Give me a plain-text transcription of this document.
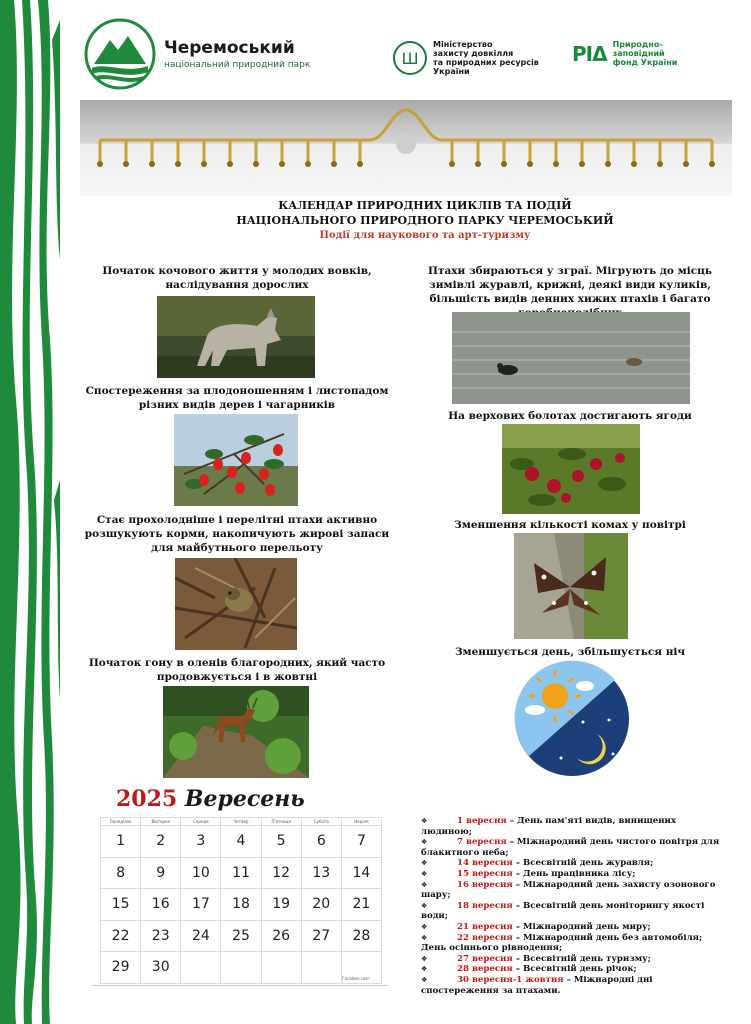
Черемоський
національний природний парк	Ш
Міністерство
захисту довкілля
та природних ресурсів
України
PIΔ Природно-
заповідний
фонд України
КАЛЕНДАР ПРИРОДНИХ ЦИКЛІВ ТА ПОДІЙ
НАЦІОНАЛЬНОГО ПРИРОДНОГО ПАРКУ ЧЕРЕМОСЬКИЙ
Події для наукового та арт-туризму
Початок кочового життя у молодих вовків, наслідування дорослих
Спостереження за плодоношенням і листопадом різних видів дерев і чагарників
Стає прохолодніше і перелітні птахи активно розшукують корми, накопичують жирові запаси для майбутнього перельоту
Початок гону в оленів благородних, який часто продовжується і в жовтні
Птахи збираються у зграї. Мігрують до місць зимівлі журавлі, крижні, деякі види куликів, більшість видів денних хижих птахів і багато
На верхових болотах достигають ягоди
Зменшення кількості комах у повітрі
Зменшується день, збільшується ніч
2025 Вересень
Понеділок	Вівторок	Середа	Четвер	П'ятниця	Субота	Неділя
1	2	3	4	5	6	7
8	9	10	11	12	13	14
15	16	17	18	19	20	21
22	23	24	25	26	27	28
29	30					
Гасаймо свет
❖	1 вересня – День пам'яті видів, винищених людиною;
❖	7 вересня – Міжнародний день чистого повітря для блакитного неба;
❖	14 вересня – Всесвітній день журавля;
❖	15 вересня – День працівника лісу;
❖	16 вересня – Міжнародний день захисту озонового шару;
❖	18 вересня – Всесвітній день моніторингу якості води;
❖	21 вересня – Міжнародний день миру;
❖	22 вересня – Міжнародний день без автомобіля; День осіннього рівнодення;
❖	27 вересня – Всесвітній день туризму;
❖	28 вересня – Всесвітній день річок;
❖	30 вересня-1 жовтня – Міжнародні дні спостереження за птахами.
